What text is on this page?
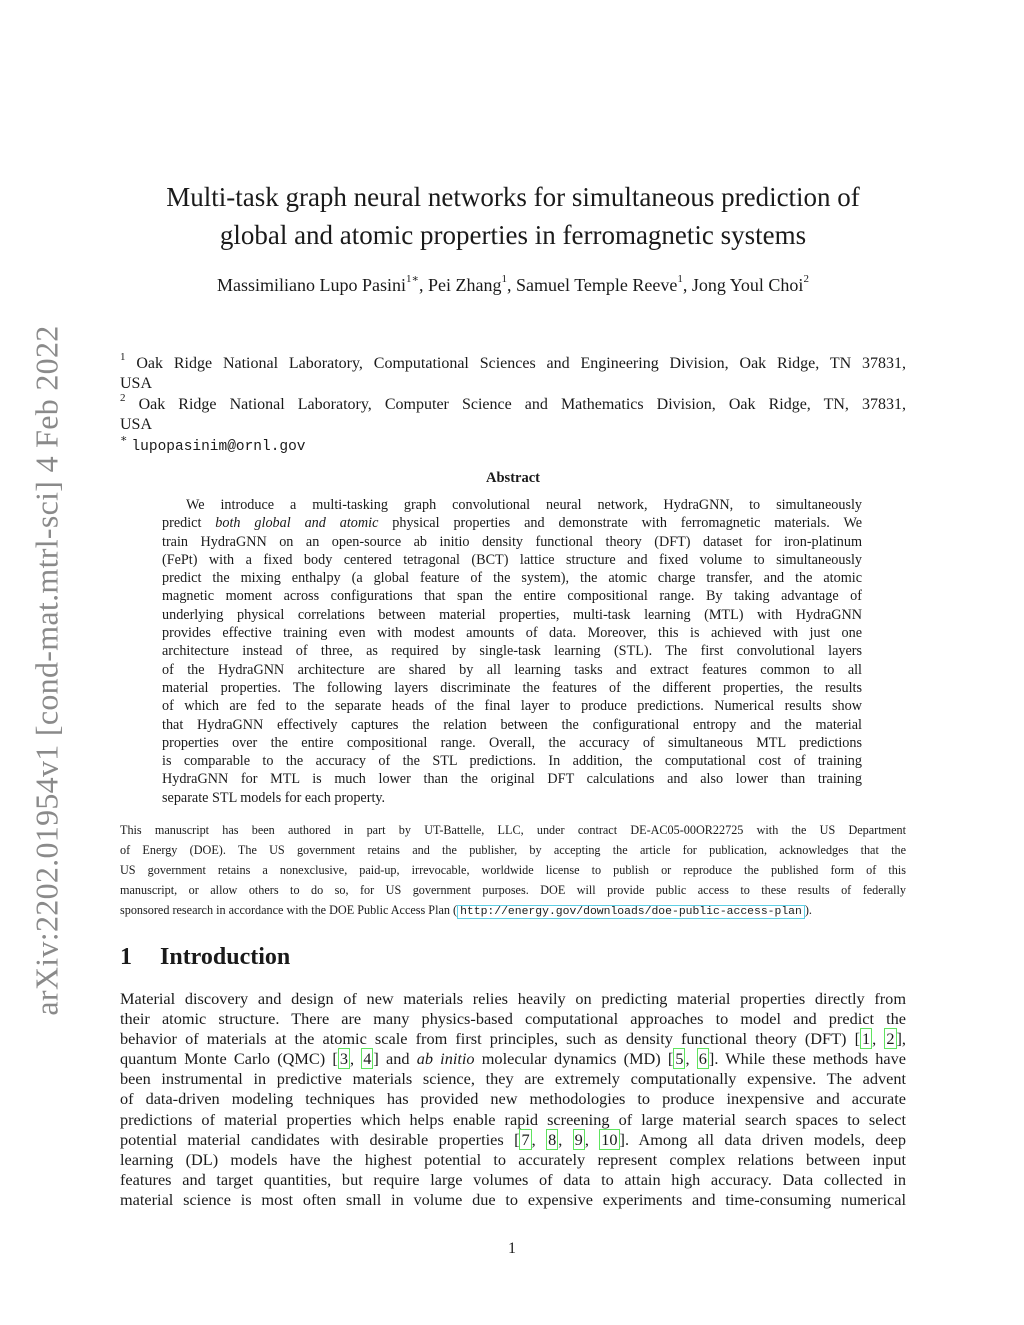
arXiv:2202.01954v1 [cond-mat.mtrl-sci] 4 Feb 2022
Multi-task graph neural networks for simultaneous prediction of
global and atomic properties in ferromagnetic systems
Massimiliano Lupo Pasini$^{1∗}$, Pei Zhang$^1$, Samuel Temple Reeve$^1$, Jong Youl Choi$^2$
$^1$ Oak Ridge National Laboratory, Computational Sciences and Engineering Division, Oak Ridge, TN 37831,
USA
$^2$ Oak Ridge National Laboratory, Computer Science and Mathematics Division, Oak Ridge, TN, 37831,
USA
∗ lupopasinim@ornl.gov
Abstract
We introduce a multi-tasking graph convolutional neural network, HydraGNN, to simultaneously
predict both global and atomic physical properties and demonstrate with ferromagnetic materials. We
train HydraGNN on an open-source ab initio density functional theory (DFT) dataset for iron-platinum
(FePt) with a fixed body centered tetragonal (BCT) lattice structure and fixed volume to simultaneously
predict the mixing enthalpy (a global feature of the system), the atomic charge transfer, and the atomic
magnetic moment across configurations that span the entire compositional range. By taking advantage of
underlying physical correlations between material properties, multi-task learning (MTL) with HydraGNN
provides effective training even with modest amounts of data. Moreover, this is achieved with just one
architecture instead of three, as required by single-task learning (STL). The first convolutional layers
of the HydraGNN architecture are shared by all learning tasks and extract features common to all
material properties. The following layers discriminate the features of the different properties, the results
of which are fed to the separate heads of the final layer to produce predictions. Numerical results show
that HydraGNN effectively captures the relation between the configurational entropy and the material
properties over the entire compositional range. Overall, the accuracy of simultaneous MTL predictions
is comparable to the accuracy of the STL predictions. In addition, the computational cost of training
HydraGNN for MTL is much lower than the original DFT calculations and also lower than training
separate STL models for each property.
This manuscript has been authored in part by UT-Battelle, LLC, under contract DE-AC05-00OR22725 with the US Department
of Energy (DOE). The US government retains and the publisher, by accepting the article for publication, acknowledges that the
US government retains a nonexclusive, paid-up, irrevocable, worldwide license to publish or reproduce the published form of this
manuscript, or allow others to do so, for US government purposes. DOE will provide public access to these results of federally
sponsored research in accordance with the DOE Public Access Plan ( http://energy.gov/downloads/doe-public-access-plan ).
1 Introduction
Material discovery and design of new materials relies heavily on predicting material properties directly from
their atomic structure. There are many physics-based computational approaches to model and predict the
behavior of materials at the atomic scale from first principles, such as density functional theory (DFT) [ 1 , 2 ],
quantum Monte Carlo (QMC) [ 3 , 4 ] and ab initio molecular dynamics (MD) [ 5 , 6 ]. While these methods have
been instrumental in predictive materials science, they are extremely computationally expensive. The advent
of data-driven modeling techniques has provided new methodologies to produce inexpensive and accurate
predictions of material properties which helps enable rapid screening of large material search spaces to select
potential material candidates with desirable properties [ 7 , 8 , 9 , 10 ]. Among all data driven models, deep
learning (DL) models have the highest potential to accurately represent complex relations between input
features and target quantities, but require large volumes of data to attain high accuracy. Data collected in
material science is most often small in volume due to expensive experiments and time-consuming numerical
1
